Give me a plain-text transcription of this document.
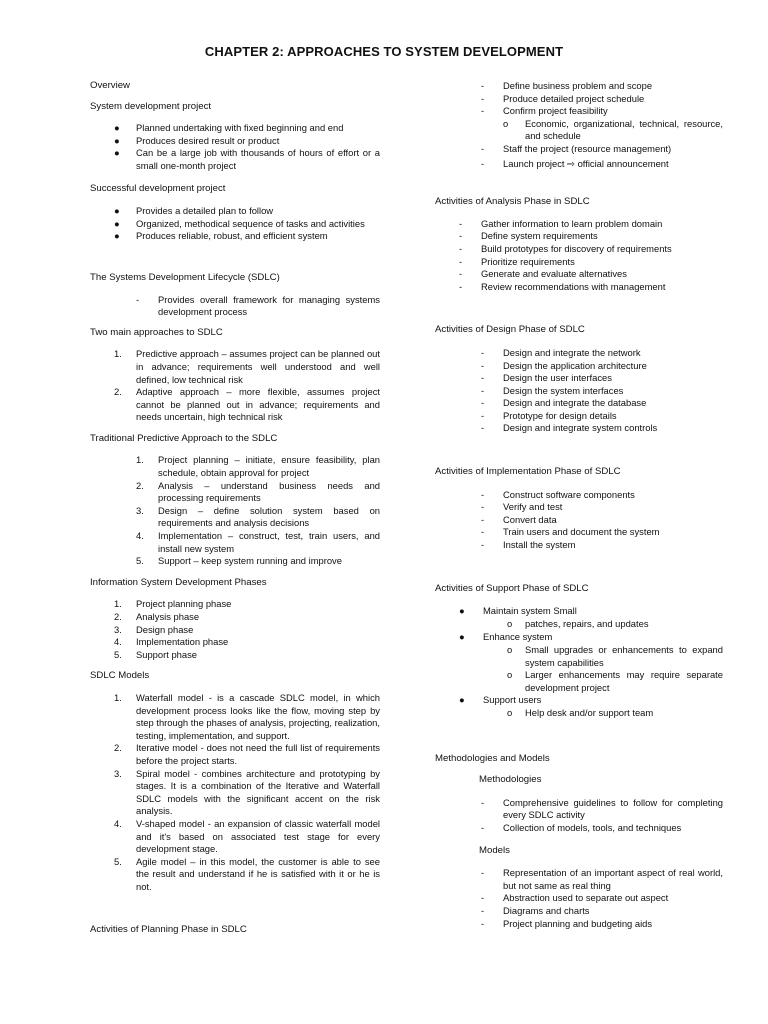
CHAPTER 2: APPROACHES TO SYSTEM DEVELOPMENT

Overview

System development project

●	Planned undertaking with fixed beginning and end
●	Produces desired result or product
●	Can be a large job with thousands of hours of effort or a small one-month project

Successful development project

●	Provides a detailed plan to follow
●	Organized, methodical sequence of tasks and activities
●	Produces reliable, robust, and efficient system

The Systems Development Lifecycle (SDLC)

-	Provides overall framework for managing systems development process

Two main approaches to SDLC

1.	Predictive approach – assumes project can be planned out in advance; requirements well understood and well defined, low technical risk
2.	Adaptive approach – more flexible, assumes project cannot be planned out in advance; requirements and needs uncertain, high technical risk

Traditional Predictive Approach to the SDLC

1.	Project planning – initiate, ensure feasibility, plan schedule, obtain approval for project
2.	Analysis – understand business needs and processing requirements
3.	Design – define solution system based on requirements and analysis decisions
4.	Implementation – construct, test, train users, and install new system
5.	Support – keep system running and improve

Information System Development Phases

1.	Project planning phase
2.	Analysis phase
3.	Design phase
4.	Implementation phase
5.	Support phase

SDLC Models

1.	Waterfall model - is a cascade SDLC model, in which development process looks like the flow, moving step by step through the phases of analysis, projecting, realization, testing, implementation, and support.
2.	Iterative model - does not need the full list of requirements before the project starts.
3.	Spiral model - combines architecture and prototyping by stages. It is a combination of the Iterative and Waterfall SDLC models with the significant accent on the risk analysis.
4.	V-shaped model - an expansion of classic waterfall model and it's based on associated test stage for every development stage.
5.	Agile model – in this model, the customer is able to see the result and understand if he is satisfied with it or he is not.

Activities of Planning Phase in SDLC

-	Define business problem and scope
-	Produce detailed project schedule
-	Confirm project feasibility
o	Economic, organizational, technical, resource, and schedule
-	Staff the project (resource management)
-	Launch project ⇨ official announcement

Activities of Analysis Phase in SDLC

-	Gather information to learn problem domain
-	Define system requirements
-	Build prototypes for discovery of requirements
-	Prioritize requirements
-	Generate and evaluate alternatives
-	Review recommendations with management

Activities of Design Phase of SDLC

-	Design and integrate the network
-	Design the application architecture
-	Design the user interfaces
-	Design the system interfaces
-	Design and integrate the database
-	Prototype for design details
-	Design and integrate system controls

Activities of Implementation Phase of SDLC

-	Construct software components
-	Verify and test
-	Convert data
-	Train users and document the system
-	Install the system

Activities of Support Phase of SDLC

●	Maintain system Small
o	patches, repairs, and updates
●	Enhance system
o	Small upgrades or enhancements to expand system capabilities
o	Larger enhancements may require separate development project
●	Support users
o	Help desk and/or support team

Methodologies and Models

Methodologies

-	Comprehensive guidelines to follow for completing every SDLC activity
-	Collection of models, tools, and techniques

Models

-	Representation of an important aspect of real world, but not same as real thing
-	Abstraction used to separate out aspect
-	Diagrams and charts
-	Project planning and budgeting aids
